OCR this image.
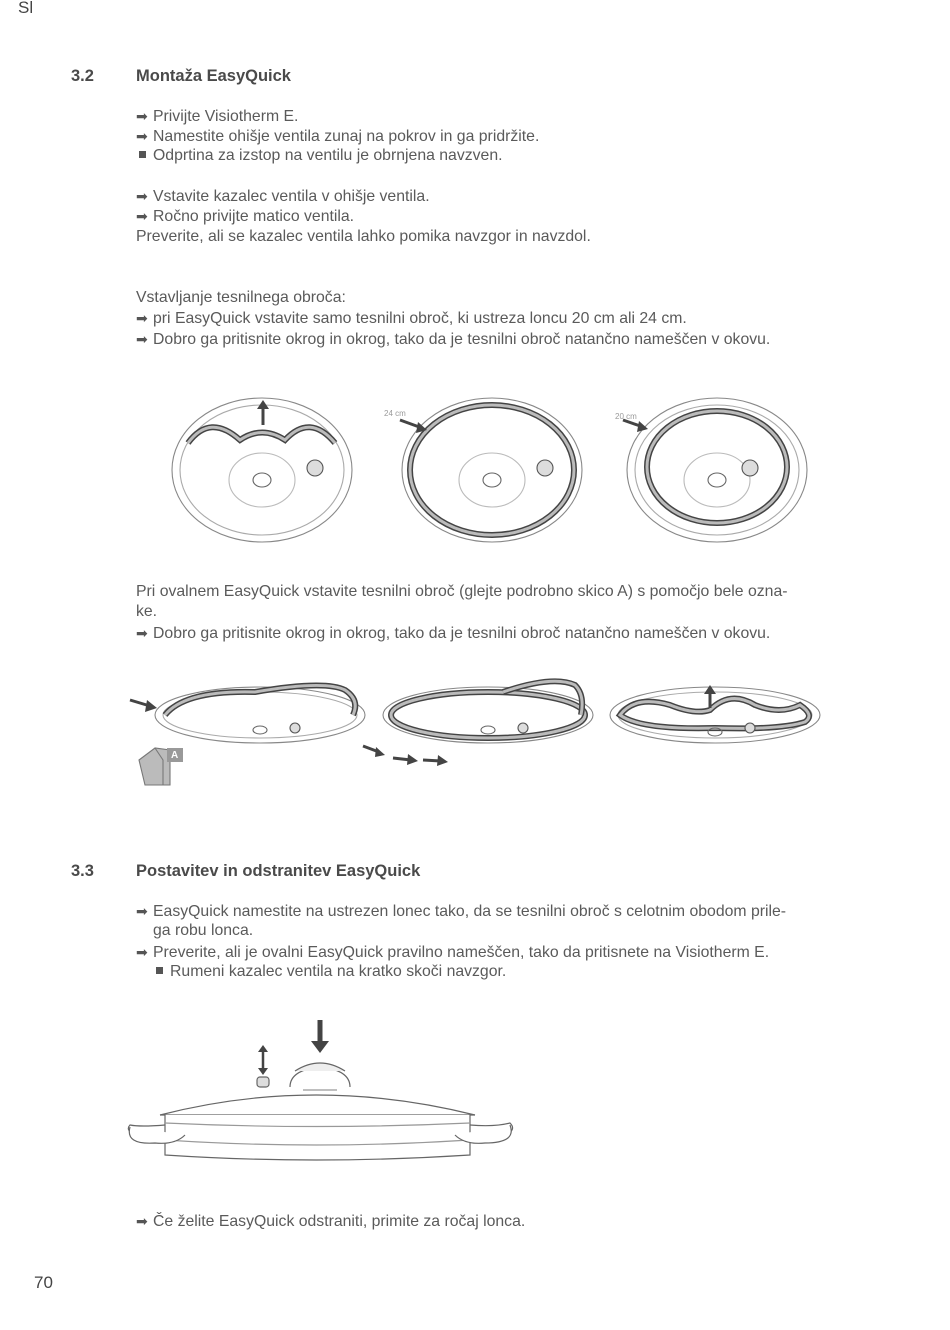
Sl
3.2	Montaža EasyQuick
➡ Privijte Visiotherm E.
➡ Namestite ohišje ventila zunaj na pokrov in ga pridržite.
Odprtina za izstop na ventilu je obrnjena navzven.
➡ Vstavite kazalec ventila v ohišje ventila.
➡ Ročno privijte matico ventila.
Preverite, ali se kazalec ventila lahko pomika navzgor in navzdol.
Vstavljanje tesnilnega obroča:
➡ pri EasyQuick vstavite samo tesnilni obroč, ki ustreza loncu 20 cm ali 24 cm.
➡ Dobro ga pritisnite okrog in okrog, tako da je tesnilni obroč natančno nameščen v okovu.
24 cm	20 cm
Pri ovalnem EasyQuick vstavite tesnilni obroč (glejte podrobno skico A) s pomočjo bele ozna-
ke.
➡ Dobro ga pritisnite okrog in okrog, tako da je tesnilni obroč natančno nameščen v okovu.
A
3.3	Postavitev in odstranitev EasyQuick
➡ EasyQuick namestite na ustrezen lonec tako, da se tesnilni obroč s celotnim obodom prile-
ga robu lonca.
➡ Preverite, ali je ovalni EasyQuick pravilno nameščen, tako da pritisnete na Visiotherm E.
Rumeni kazalec ventila na kratko skoči navzgor.
➡ Če želite EasyQuick odstraniti, primite za ročaj lonca.
70
